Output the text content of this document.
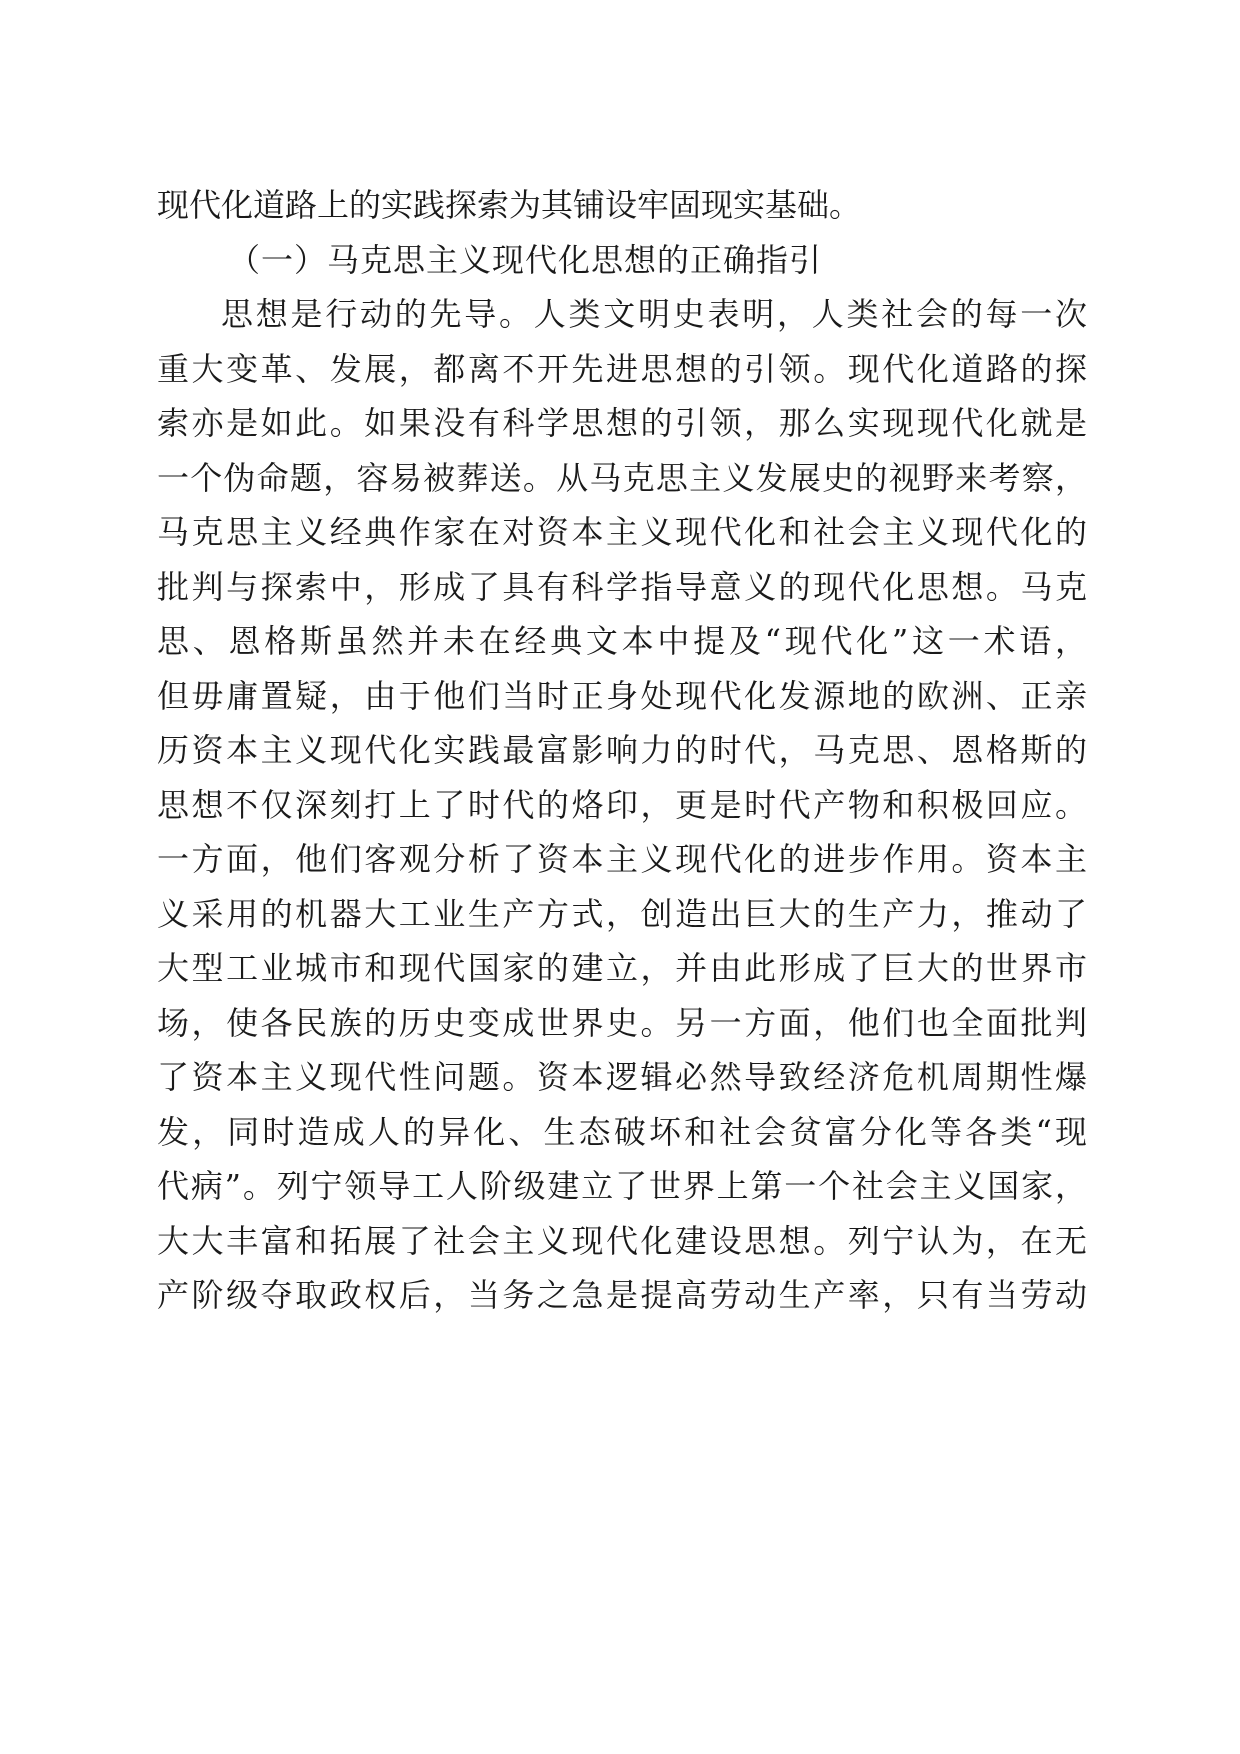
现代化道路上的实践探索为其铺设牢固现实基础。
（一）马克思主义现代化思想的正确指引
思想是行动的先导。人类文明史表明，人类社会的每一次
重大变革、发展，都离不开先进思想的引领。现代化道路的探
索亦是如此。如果没有科学思想的引领，那么实现现代化就是
一个伪命题，容易被葬送。从马克思主义发展史的视野来考察，
马克思主义经典作家在对资本主义现代化和社会主义现代化的
批判与探索中，形成了具有科学指导意义的现代化思想。马克
思、恩格斯虽然并未在经典文本中提及“现代化”这一术语，
但毋庸置疑，由于他们当时正身处现代化发源地的欧洲、正亲
历资本主义现代化实践最富影响力的时代，马克思、恩格斯的
思想不仅深刻打上了时代的烙印，更是时代产物和积极回应。
一方面，他们客观分析了资本主义现代化的进步作用。资本主
义采用的机器大工业生产方式，创造出巨大的生产力，推动了
大型工业城市和现代国家的建立，并由此形成了巨大的世界市
场，使各民族的历史变成世界史。另一方面，他们也全面批判
了资本主义现代性问题。资本逻辑必然导致经济危机周期性爆
发，同时造成人的异化、生态破坏和社会贫富分化等各类“现
代病”。列宁领导工人阶级建立了世界上第一个社会主义国家，
大大丰富和拓展了社会主义现代化建设思想。列宁认为，在无
产阶级夺取政权后，当务之急是提高劳动生产率，只有当劳动
